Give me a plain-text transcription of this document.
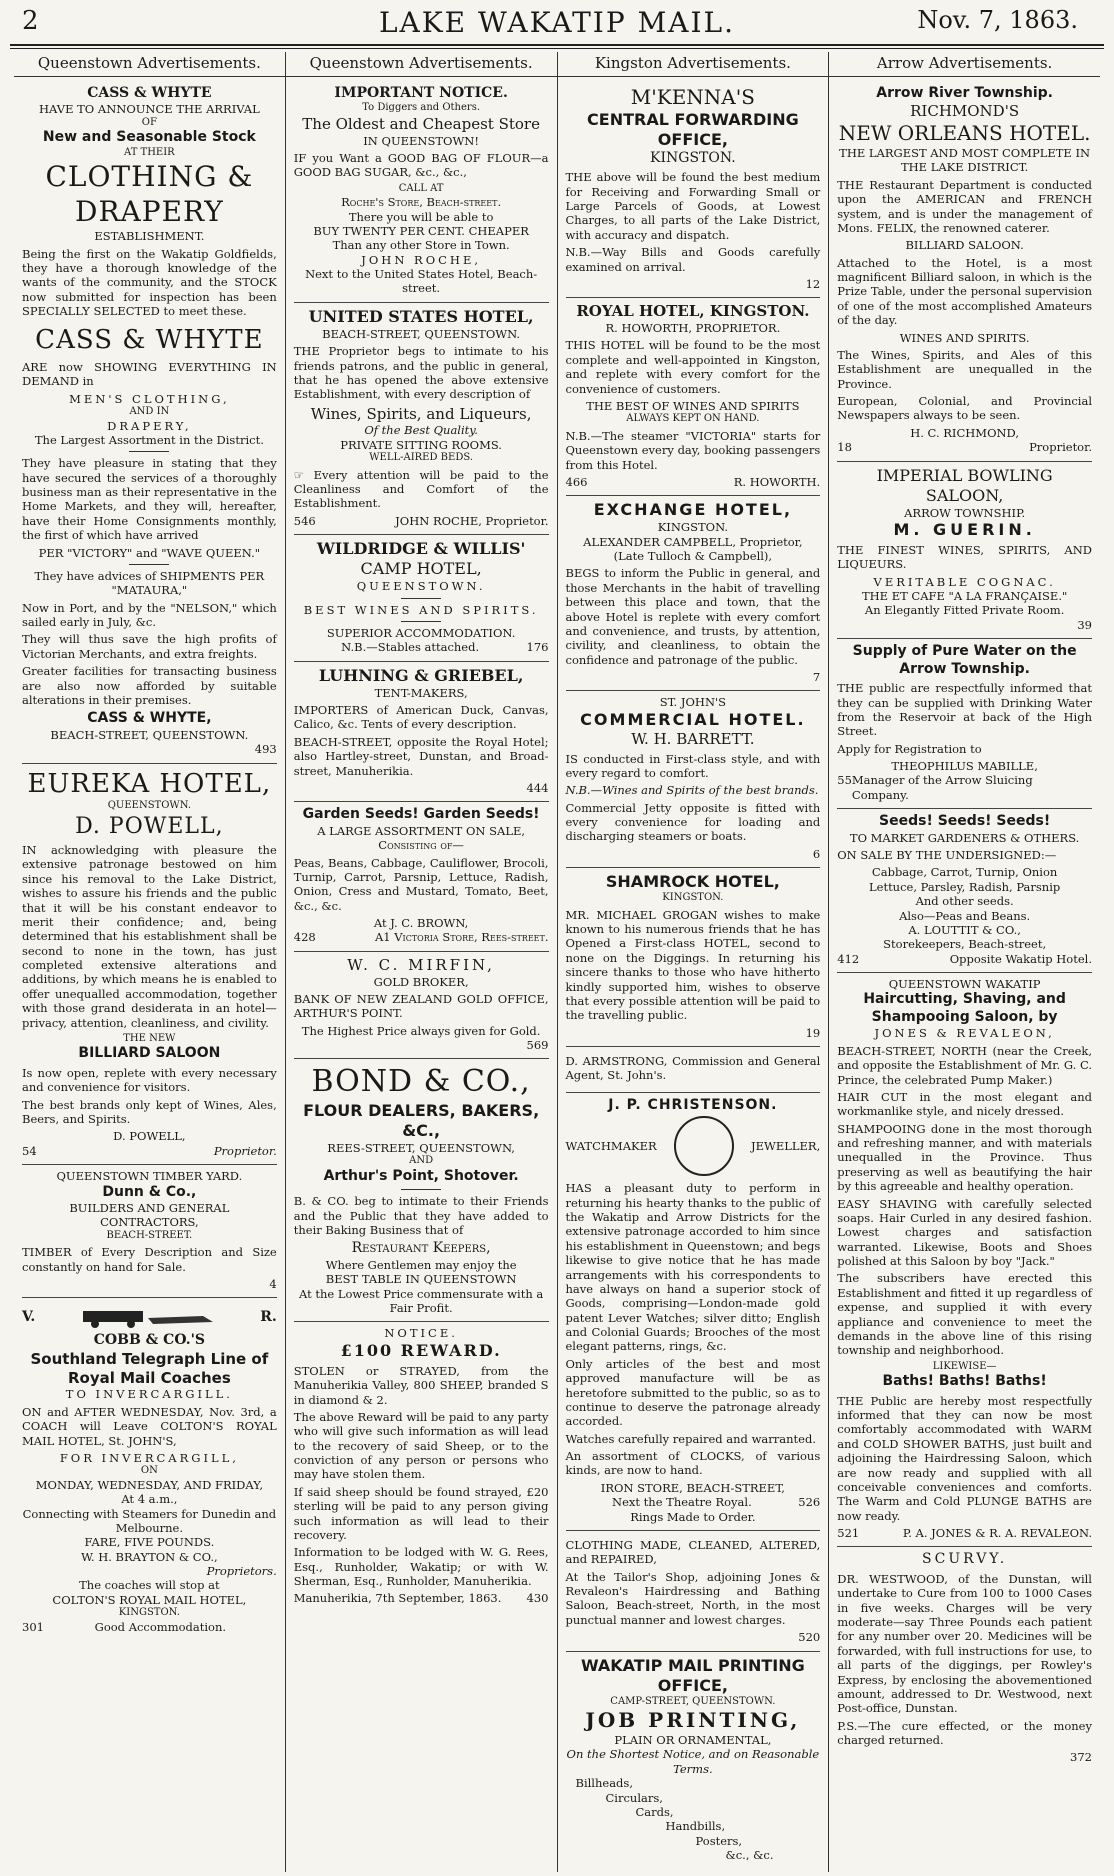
2	LAKE WAKATIP MAIL.	Nov. 7, 1863.
Queenstown Advertisements.
CASS & WHYTE
HAVE TO ANNOUNCE THE ARRIVAL
OF
New and Seasonable Stock
AT THEIR
CLOTHING & DRAPERY
ESTABLISHMENT.
Being the first on the Wakatip Goldfields, they have a thorough knowledge of the wants of the community, and the STOCK now submitted for inspection has been SPECIALLY SELECTED to meet these.
CASS & WHYTE
ARE now SHOWING EVERYTHING IN DEMAND in
MEN'S CLOTHING,
AND IN
DRAPERY,
The Largest Assortment in the District.
They have pleasure in stating that they have secured the services of a thoroughly business man as their representative in the Home Markets, and they will, hereafter, have their Home Consignments monthly, the first of which have arrived
PER "VICTORY" and "WAVE QUEEN."
They have advices of SHIPMENTS PER "MATAURA,"
Now in Port, and by the "NELSON," which sailed early in July, &c.
They will thus save the high profits of Victorian Merchants, and extra freights.
Greater facilities for transacting business are also now afforded by suitable alterations in their premises.
CASS & WHYTE,
BEACH-STREET, QUEENSTOWN.
493
EUREKA HOTEL,
QUEENSTOWN.
D. POWELL,
IN acknowledging with pleasure the extensive patronage bestowed on him since his removal to the Lake District, wishes to assure his friends and the public that it will be his constant endeavor to merit their confidence; and, being determined that his establishment shall be second to none in the town, has just completed extensive alterations and additions, by which means he is enabled to offer unequalled accommodation, together with those grand desiderata in an hotel—privacy, attention, cleanliness, and civility.
THE NEW
BILLIARD SALOON
Is now open, replete with every necessary and convenience for visitors.
The best brands only kept of Wines, Ales, Beers, and Spirits.
D. POWELL,
54	Proprietor.
QUEENSTOWN TIMBER YARD.
Dunn & Co.,
BUILDERS AND GENERAL CONTRACTORS,
BEACH-STREET.
TIMBER of Every Description and Size constantly on hand for Sale.
4
V.	R.
COBB & CO.'S
Southland Telegraph Line of Royal Mail Coaches
TO INVERCARGILL.
ON and AFTER WEDNESDAY, Nov. 3rd, a COACH will Leave COLTON'S ROYAL MAIL HOTEL, St. JOHN'S,
FOR INVERCARGILL,
ON
MONDAY, WEDNESDAY, AND FRIDAY,
At 4 a.m.,
Connecting with Steamers for Dunedin and Melbourne.
FARE, FIVE POUNDS.
W. H. BRAYTON & CO.,
Proprietors.
The coaches will stop at
COLTON'S ROYAL MAIL HOTEL,
KINGSTON.
301	Good Accommodation.
Queenstown Advertisements.
IMPORTANT NOTICE.
To Diggers and Others.
The Oldest and Cheapest Store
IN QUEENSTOWN!
IF you Want a GOOD BAG OF FLOUR—a GOOD BAG SUGAR, &c., &c.,
CALL AT
Roche's Store, Beach-street.
There you will be able to
BUY TWENTY PER CENT. CHEAPER
Than any other Store in Town.
JOHN ROCHE,
Next to the United States Hotel, Beach-street.
UNITED STATES HOTEL,
BEACH-STREET, QUEENSTOWN.
THE Proprietor begs to intimate to his friends patrons, and the public in general, that he has opened the above extensive Establishment, with every description of
Wines, Spirits, and Liqueurs,
Of the Best Quality.
PRIVATE SITTING ROOMS.
WELL-AIRED BEDS.
☞ Every attention will be paid to the Cleanliness and Comfort of the Establishment.
546	JOHN ROCHE, Proprietor.
WILDRIDGE & WILLIS'
CAMP HOTEL,
QUEENSTOWN.
BEST WINES AND SPIRITS.
SUPERIOR ACCOMMODATION.
N.B.—Stables attached.	176
LUHNING & GRIEBEL,
TENT-MAKERS,
IMPORTERS of American Duck, Canvas, Calico, &c. Tents of every description.
BEACH-STREET, opposite the Royal Hotel; also Hartley-street, Dunstan, and Broad-street, Manuherikia.
444
Garden Seeds! Garden Seeds!
A LARGE ASSORTMENT ON SALE,
Consisting of—
Peas, Beans, Cabbage, Cauliflower, Brocoli, Turnip, Carrot, Parsnip, Lettuce, Radish, Onion, Cress and Mustard, Tomato, Beet, &c., &c.
At J. C. BROWN,
428	A1 Victoria Store, Rees-street.
W. C. MIRFIN,
GOLD BROKER,
BANK OF NEW ZEALAND GOLD OFFICE, ARTHUR'S POINT.
The Highest Price always given for Gold.
569
BOND & CO.,
FLOUR DEALERS, BAKERS, &C.,
REES-STREET, QUEENSTOWN,
AND
Arthur's Point, Shotover.
B. & CO. beg to intimate to their Friends and the Public that they have added to their Baking Business that of
Restaurant Keepers,
Where Gentlemen may enjoy the
BEST TABLE IN QUEENSTOWN
At the Lowest Price commensurate with a Fair Profit.
NOTICE.
£100 REWARD.
STOLEN or STRAYED, from the Manuherikia Valley, 800 SHEEP, branded S in diamond & 2.
The above Reward will be paid to any party who will give such information as will lead to the recovery of said Sheep, or to the conviction of any person or persons who may have stolen them.
If said sheep should be found strayed, £20 sterling will be paid to any person giving such information as will lead to their recovery.
Information to be lodged with W. G. Rees, Esq., Runholder, Wakatip; or with W. Sherman, Esq., Runholder, Manuherikia.
Manuherikia, 7th September, 1863. 430
Kingston Advertisements.
M'KENNA'S
CENTRAL FORWARDING OFFICE,
KINGSTON.
THE above will be found the best medium for Receiving and Forwarding Small or Large Parcels of Goods, at Lowest Charges, to all parts of the Lake District, with accuracy and dispatch.
N.B.—Way Bills and Goods carefully examined on arrival.
12
ROYAL HOTEL, KINGSTON.
R. HOWORTH, PROPRIETOR.
THIS HOTEL will be found to be the most complete and well-appointed in Kingston, and replete with every comfort for the convenience of customers.
THE BEST OF WINES AND SPIRITS
ALWAYS KEPT ON HAND.
N.B.—The steamer "VICTORIA" starts for Queenstown every day, booking passengers from this Hotel.
466	R. HOWORTH.
EXCHANGE HOTEL,
KINGSTON.
ALEXANDER CAMPBELL, Proprietor,
(Late Tulloch & Campbell),
BEGS to inform the Public in general, and those Merchants in the habit of travelling between this place and town, that the above Hotel is replete with every comfort and convenience, and trusts, by attention, civility, and cleanliness, to obtain the confidence and patronage of the public.
7
ST. JOHN'S
COMMERCIAL HOTEL.
W. H. BARRETT.
IS conducted in First-class style, and with every regard to comfort.
N.B.—Wines and Spirits of the best brands.
Commercial Jetty opposite is fitted with every convenience for loading and discharging steamers or boats.
6
SHAMROCK HOTEL,
KINGSTON.
MR. MICHAEL GROGAN wishes to make known to his numerous friends that he has Opened a First-class HOTEL, second to none on the Diggings. In returning his sincere thanks to those who have hitherto kindly supported him, wishes to observe that every possible attention will be paid to the travelling public.
19
D. ARMSTRONG, Commission and General Agent, St. John's.
J. P. CHRISTENSON.
WATCHMAKER	JEWELLER,
HAS a pleasant duty to perform in returning his hearty thanks to the public of the Wakatip and Arrow Districts for the extensive patronage accorded to him since his establishment in Queenstown; and begs likewise to give notice that he has made arrangements with his correspondents to have always on hand a superior stock of Goods, comprising—London-made gold patent Lever Watches; silver ditto; English and Colonial Guards; Brooches of the most elegant patterns, rings, &c.
Only articles of the best and most approved manufacture will be as heretofore submitted to the public, so as to continue to deserve the patronage already accorded.
Watches carefully repaired and warranted.
An assortment of CLOCKS, of various kinds, are now to hand.
IRON STORE, BEACH-STREET,
Next the Theatre Royal.	526
Rings Made to Order.
CLOTHING MADE, CLEANED, ALTERED, and REPAIRED,
At the Tailor's Shop, adjoining Jones & Revaleon's Hairdressing and Bathing Saloon, Beach-street, North, in the most punctual manner and lowest charges.
520
WAKATIP MAIL PRINTING OFFICE,
CAMP-STREET, QUEENSTOWN.
JOB PRINTING,
PLAIN OR ORNAMENTAL,
On the Shortest Notice, and on Reasonable Terms.
Billheads,
Circulars,
Cards,
Handbills,
Posters,
&c., &c.
Arrow Advertisements.
Arrow River Township.
RICHMOND'S
NEW ORLEANS HOTEL.
THE LARGEST AND MOST COMPLETE IN THE LAKE DISTRICT.
THE Restaurant Department is conducted upon the AMERICAN and FRENCH system, and is under the management of Mons. FELIX, the renowned caterer.
BILLIARD SALOON.
Attached to the Hotel, is a most magnificent Billiard saloon, in which is the Prize Table, under the personal supervision of one of the most accomplished Amateurs of the day.
WINES AND SPIRITS.
The Wines, Spirits, and Ales of this Establishment are unequalled in the Province.
European, Colonial, and Provincial Newspapers always to be seen.
H. C. RICHMOND,
18	Proprietor.
IMPERIAL BOWLING SALOON,
ARROW TOWNSHIP.
M. GUERIN.
THE FINEST WINES, SPIRITS, AND LIQUEURS.
VERITABLE COGNAC.
THE ET CAFE "A LA FRANÇAISE."
An Elegantly Fitted Private Room.
39
Supply of Pure Water on the Arrow Township.
THE public are respectfully informed that they can be supplied with Drinking Water from the Reservoir at back of the High Street.
Apply for Registration to
THEOPHILUS MABILLE,
55 Manager of the Arrow Sluicing Company.
Seeds! Seeds! Seeds!
TO MARKET GARDENERS & OTHERS.
ON SALE BY THE UNDERSIGNED:—
Cabbage, Carrot, Turnip, Onion
Lettuce, Parsley, Radish, Parsnip
And other seeds.
Also—Peas and Beans.
A. LOUTTIT & CO.,
Storekeepers, Beach-street,
412	Opposite Wakatip Hotel.
QUEENSTOWN WAKATIP
Haircutting, Shaving, and Shampooing Saloon, by
JONES & REVALEON,
BEACH-STREET, NORTH (near the Creek, and opposite the Establishment of Mr. G. C. Prince, the celebrated Pump Maker.)
HAIR CUT in the most elegant and workmanlike style, and nicely dressed.
SHAMPOOING done in the most thorough and refreshing manner, and with materials unequalled in the Province. Thus preserving as well as beautifying the hair by this agreeable and healthy operation.
EASY SHAVING with carefully selected soaps. Hair Curled in any desired fashion. Lowest charges and satisfaction warranted. Likewise, Boots and Shoes polished at this Saloon by boy "Jack."
The subscribers have erected this Establishment and fitted it up regardless of expense, and supplied it with every appliance and convenience to meet the demands in the above line of this rising township and neighborhood.
LIKEWISE—
Baths! Baths! Baths!
THE Public are hereby most respectfully informed that they can now be most comfortably accommodated with WARM and COLD SHOWER BATHS, just built and adjoining the Hairdressing Saloon, which are now ready and supplied with all conceivable conveniences and comforts. The Warm and Cold PLUNGE BATHS are now ready.
521	P. A. JONES & R. A. REVALEON.
SCURVY.
DR. WESTWOOD, of the Dunstan, will undertake to Cure from 100 to 1000 Cases in five weeks. Charges will be very moderate—say Three Pounds each patient for any number over 20. Medicines will be forwarded, with full instructions for use, to all parts of the diggings, per Rowley's Express, by enclosing the abovementioned amount, addressed to Dr. Westwood, next Post-office, Dunstan.
P.S.—The cure effected, or the money charged returned.
372
